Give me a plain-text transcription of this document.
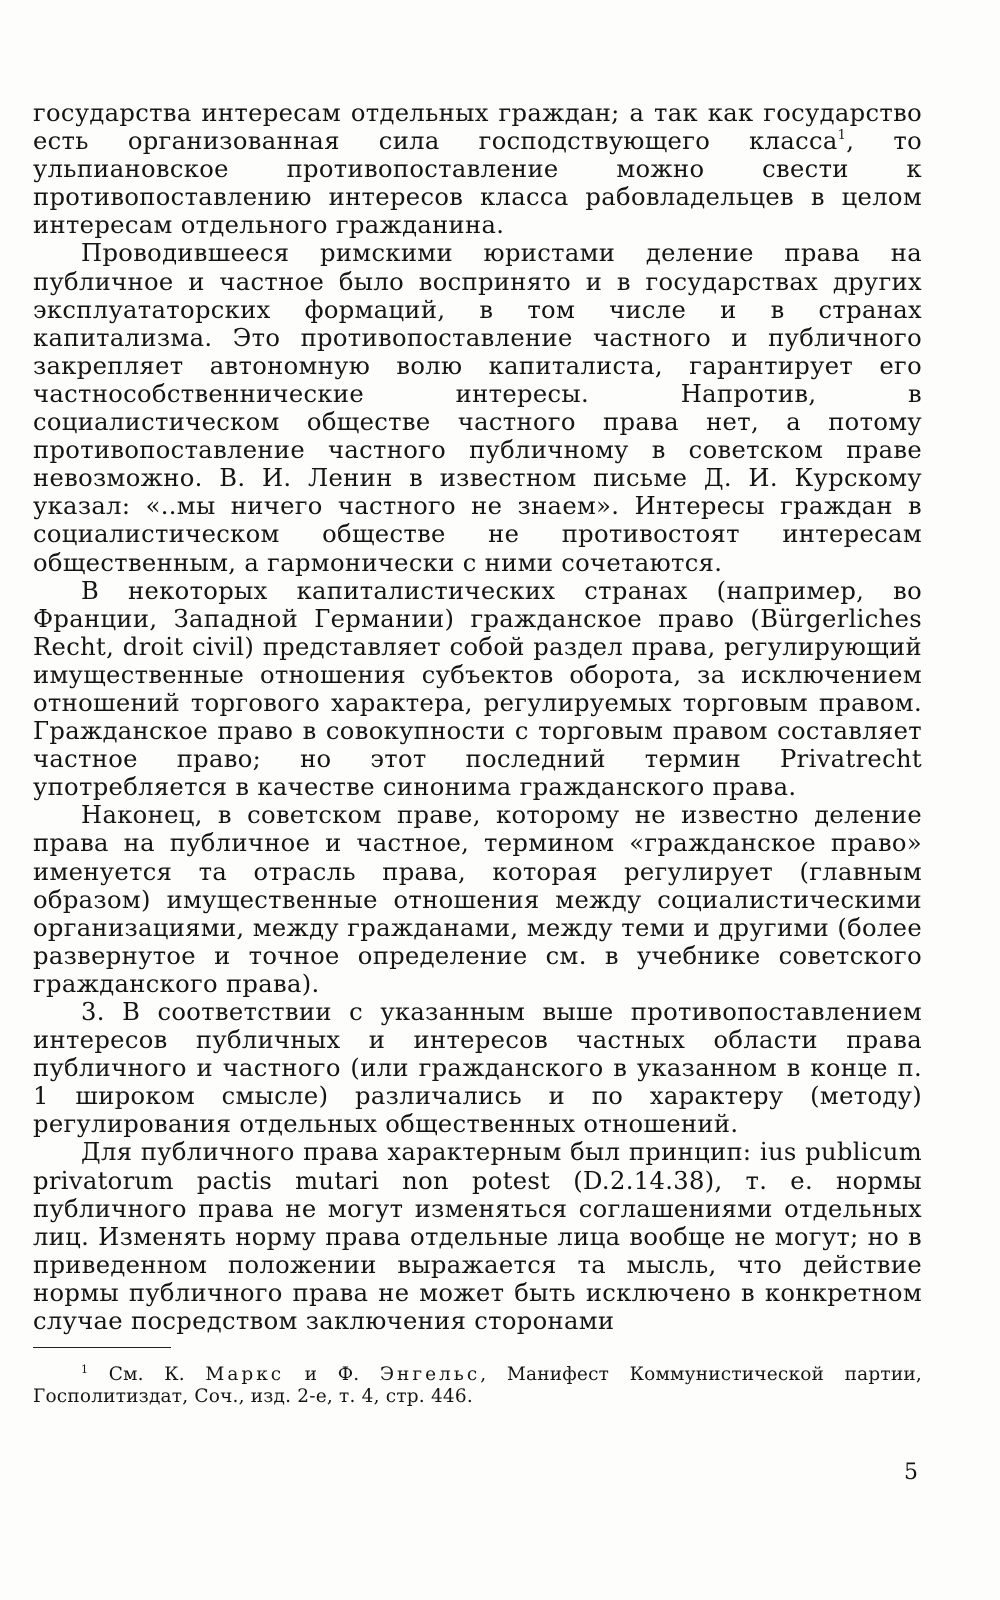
государства интересам отдельных граждан; а так как государство есть организованная сила господствующего класса$^1$, то ульпиановское противопоставление можно свести к противопоставлению интересов класса рабовладельцев в целом интересам отдельного гражданина.

Проводившееся римскими юристами деление права на публичное и частное было воспринято и в государствах других эксплуататорских формаций, в том числе и в странах капитализма. Это противопоставление частного и публичного закрепляет автономную волю капиталиста, гарантирует его частнособственнические интересы. Напротив, в социалистическом обществе частного права нет, а потому противопоставление частного публичному в советском праве невозможно. В. И. Ленин в известном письме Д. И. Курскому указал: «..мы ничего частного не знаем». Интересы граждан в социалистическом обществе не противостоят интересам общественным, а гармонически с ними сочетаются.

В некоторых капиталистических странах (например, во Франции, Западной Германии) гражданское право (Bürgerliches Recht, droit civil) представляет собой раздел права, регулирующий имущественные отношения субъектов оборота, за исключением отношений торгового характера, регулируемых торговым правом. Гражданское право в совокупности с торговым правом составляет частное право; но этот последний термин Privatrecht употребляется в качестве синонима гражданского права.

Наконец, в советском праве, которому не известно деление права на публичное и частное, термином «гражданское право» именуется та отрасль права, которая регулирует (главным образом) имущественные отношения между социалистическими организациями, между гражданами, между теми и другими (более развернутое и точное определение см. в учебнике советского гражданского права).

3. В соответствии с указанным выше противопоставлением интересов публичных и интересов частных области права публичного и частного (или гражданского в указанном в конце п. 1 широком смысле) различались и по характеру (методу) регулирования отдельных общественных отношений.

Для публичного права характерным был принцип: ius publicum privatorum pactis mutari non potest (D.2.14.38), т. е. нормы публичного права не могут изменяться соглашениями отдельных лиц. Изменять норму права отдельные лица вообще не могут; но в приведенном положении выражается та мысль, что действие нормы публичного права не может быть исключено в конкретном случае посредством заключения сторонами

$^1$ См. К. Маркс и Ф. Энгельс, Манифест Коммунистической партии, Госполитиздат, Соч., изд. 2-е, т. 4, стр. 446.

5
